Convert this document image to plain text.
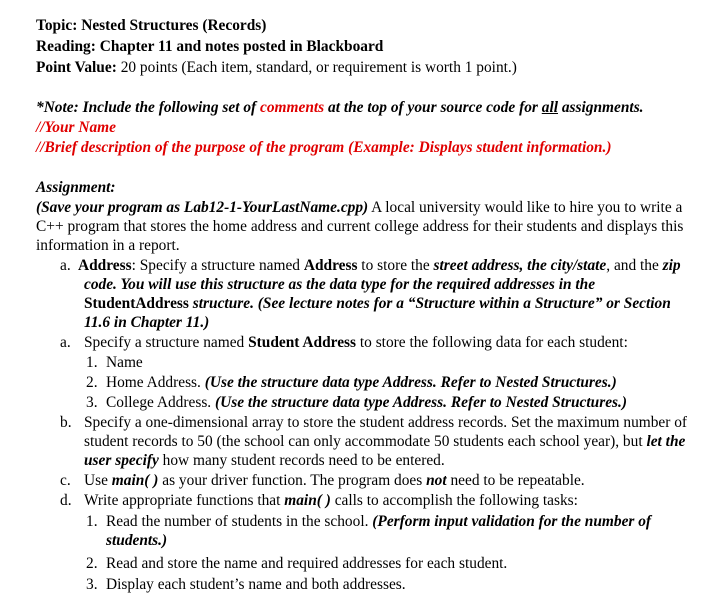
Topic: Nested Structures (Records)
Reading: Chapter 11 and notes posted in Blackboard
Point Value: 20 points (Each item, standard, or requirement is worth 1 point.)
*Note: Include the following set of comments at the top of your source code for all assignments.
//Your Name
//Brief description of the purpose of the program (Example: Displays student information.)
Assignment:
(Save your program as Lab12-1-YourLastName.cpp) A local university would like to hire you to write a
C++ program that stores the home address and current college address for their students and displays this
information in a report.
a. Address: Specify a structure named Address to store the street address, the city/state, and the zip
code. You will use this structure as the data type for the required addresses in the
StudentAddress structure. (See lecture notes for a “Structure within a Structure” or Section
11.6 in Chapter 11.)
a. Specify a structure named Student Address to store the following data for each student:
1. Name
2. Home Address. (Use the structure data type Address. Refer to Nested Structures.)
3. College Address. (Use the structure data type Address. Refer to Nested Structures.)
b. Specify a one-dimensional array to store the student address records. Set the maximum number of
student records to 50 (the school can only accommodate 50 students each school year), but let the
user specify how many student records need to be entered.
c. Use main( ) as your driver function. The program does not need to be repeatable.
d. Write appropriate functions that main( ) calls to accomplish the following tasks:
1. Read the number of students in the school. (Perform input validation for the number of
students.)
2. Read and store the name and required addresses for each student.
3. Display each student’s name and both addresses.
